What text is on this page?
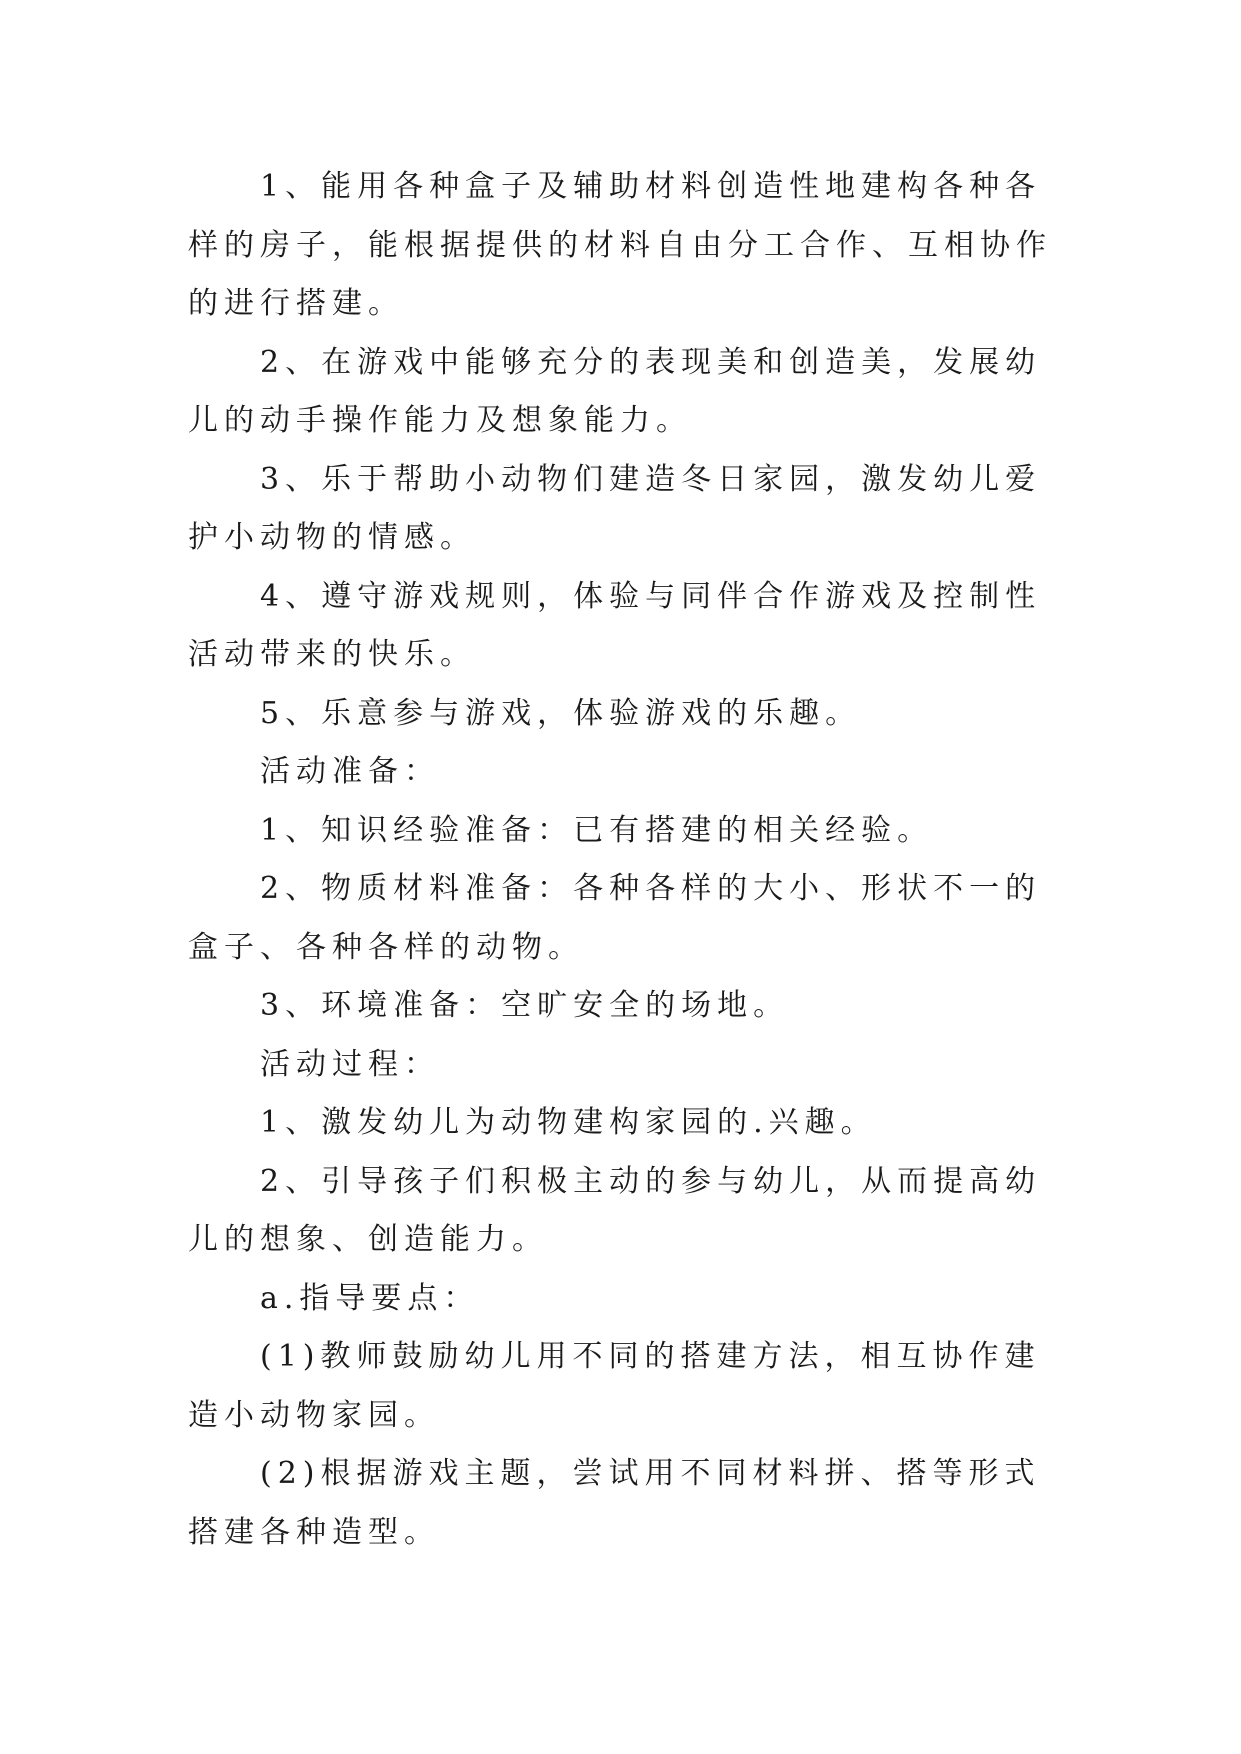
1、能用各种盒子及辅助材料创造性地建构各种各样的房子，能根据提供的材料自由分工合作、互相协作的进行搭建。

2、在游戏中能够充分的表现美和创造美，发展幼儿的动手操作能力及想象能力。

3、乐于帮助小动物们建造冬日家园，激发幼儿爱护小动物的情感。

4、遵守游戏规则，体验与同伴合作游戏及控制性活动带来的快乐。

5、乐意参与游戏，体验游戏的乐趣。

活动准备：

1、知识经验准备：已有搭建的相关经验。

2、物质材料准备：各种各样的大小、形状不一的盒子、各种各样的动物。

3、环境准备：空旷安全的场地。

活动过程：

1、激发幼儿为动物建构家园的.兴趣。

2、引导孩子们积极主动的参与幼儿，从而提高幼儿的想象、创造能力。

a.指导要点：

(1)教师鼓励幼儿用不同的搭建方法，相互协作建造小动物家园。

(2)根据游戏主题，尝试用不同材料拼、搭等形式搭建各种造型。
